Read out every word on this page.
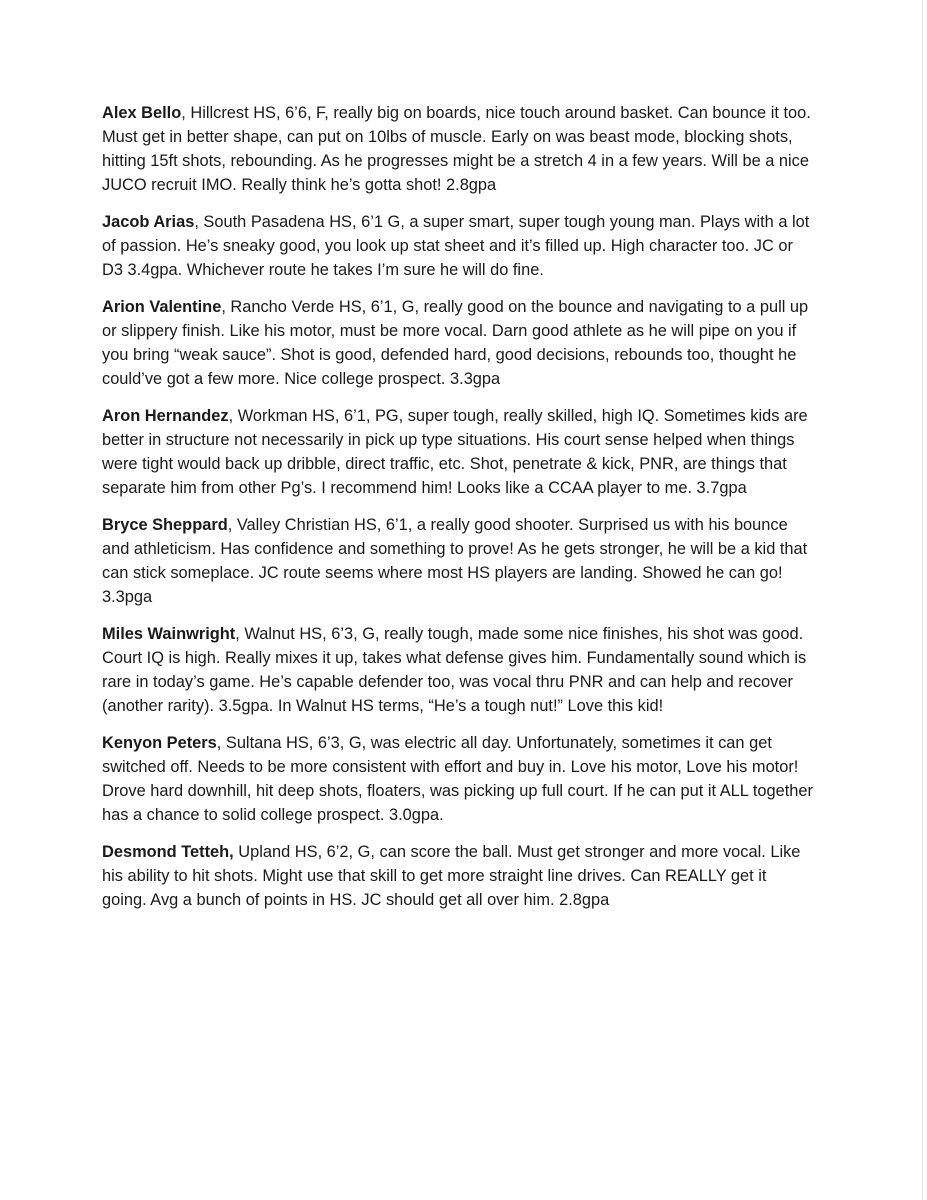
Alex Bello, Hillcrest HS, 6’6, F, really big on boards, nice touch around basket. Can bounce it too. Must get in better shape, can put on 10lbs of muscle. Early on was beast mode, blocking shots, hitting 15ft shots, rebounding. As he progresses might be a stretch 4 in a few years. Will be a nice JUCO recruit IMO. Really think he’s gotta shot! 2.8gpa

Jacob Arias, South Pasadena HS, 6’1 G, a super smart, super tough young man. Plays with a lot of passion. He’s sneaky good, you look up stat sheet and it’s filled up. High character too. JC or D3 3.4gpa. Whichever route he takes I’m sure he will do fine.

Arion Valentine, Rancho Verde HS, 6’1, G, really good on the bounce and navigating to a pull up or slippery finish. Like his motor, must be more vocal. Darn good athlete as he will pipe on you if you bring “weak sauce”. Shot is good, defended hard, good decisions, rebounds too, thought he could’ve got a few more. Nice college prospect. 3.3gpa

Aron Hernandez, Workman HS, 6’1, PG, super tough, really skilled, high IQ. Sometimes kids are better in structure not necessarily in pick up type situations. His court sense helped when things were tight would back up dribble, direct traffic, etc. Shot, penetrate & kick, PNR, are things that separate him from other Pg’s. I recommend him! Looks like a CCAA player to me. 3.7gpa

Bryce Sheppard, Valley Christian HS, 6’1, a really good shooter. Surprised us with his bounce and athleticism. Has confidence and something to prove! As he gets stronger, he will be a kid that can stick someplace. JC route seems where most HS players are landing. Showed he can go! 3.3pga

Miles Wainwright, Walnut HS, 6’3, G, really tough, made some nice finishes, his shot was good. Court IQ is high. Really mixes it up, takes what defense gives him. Fundamentally sound which is rare in today’s game. He’s capable defender too, was vocal thru PNR and can help and recover (another rarity). 3.5gpa. In Walnut HS terms, “He’s a tough nut!” Love this kid!

Kenyon Peters, Sultana HS, 6’3, G, was electric all day. Unfortunately, sometimes it can get switched off. Needs to be more consistent with effort and buy in. Love his motor, Love his motor! Drove hard downhill, hit deep shots, floaters, was picking up full court. If he can put it ALL together has a chance to solid college prospect. 3.0gpa.

Desmond Tetteh, Upland HS, 6’2, G, can score the ball. Must get stronger and more vocal. Like his ability to hit shots. Might use that skill to get more straight line drives. Can REALLY get it going. Avg a bunch of points in HS. JC should get all over him. 2.8gpa
